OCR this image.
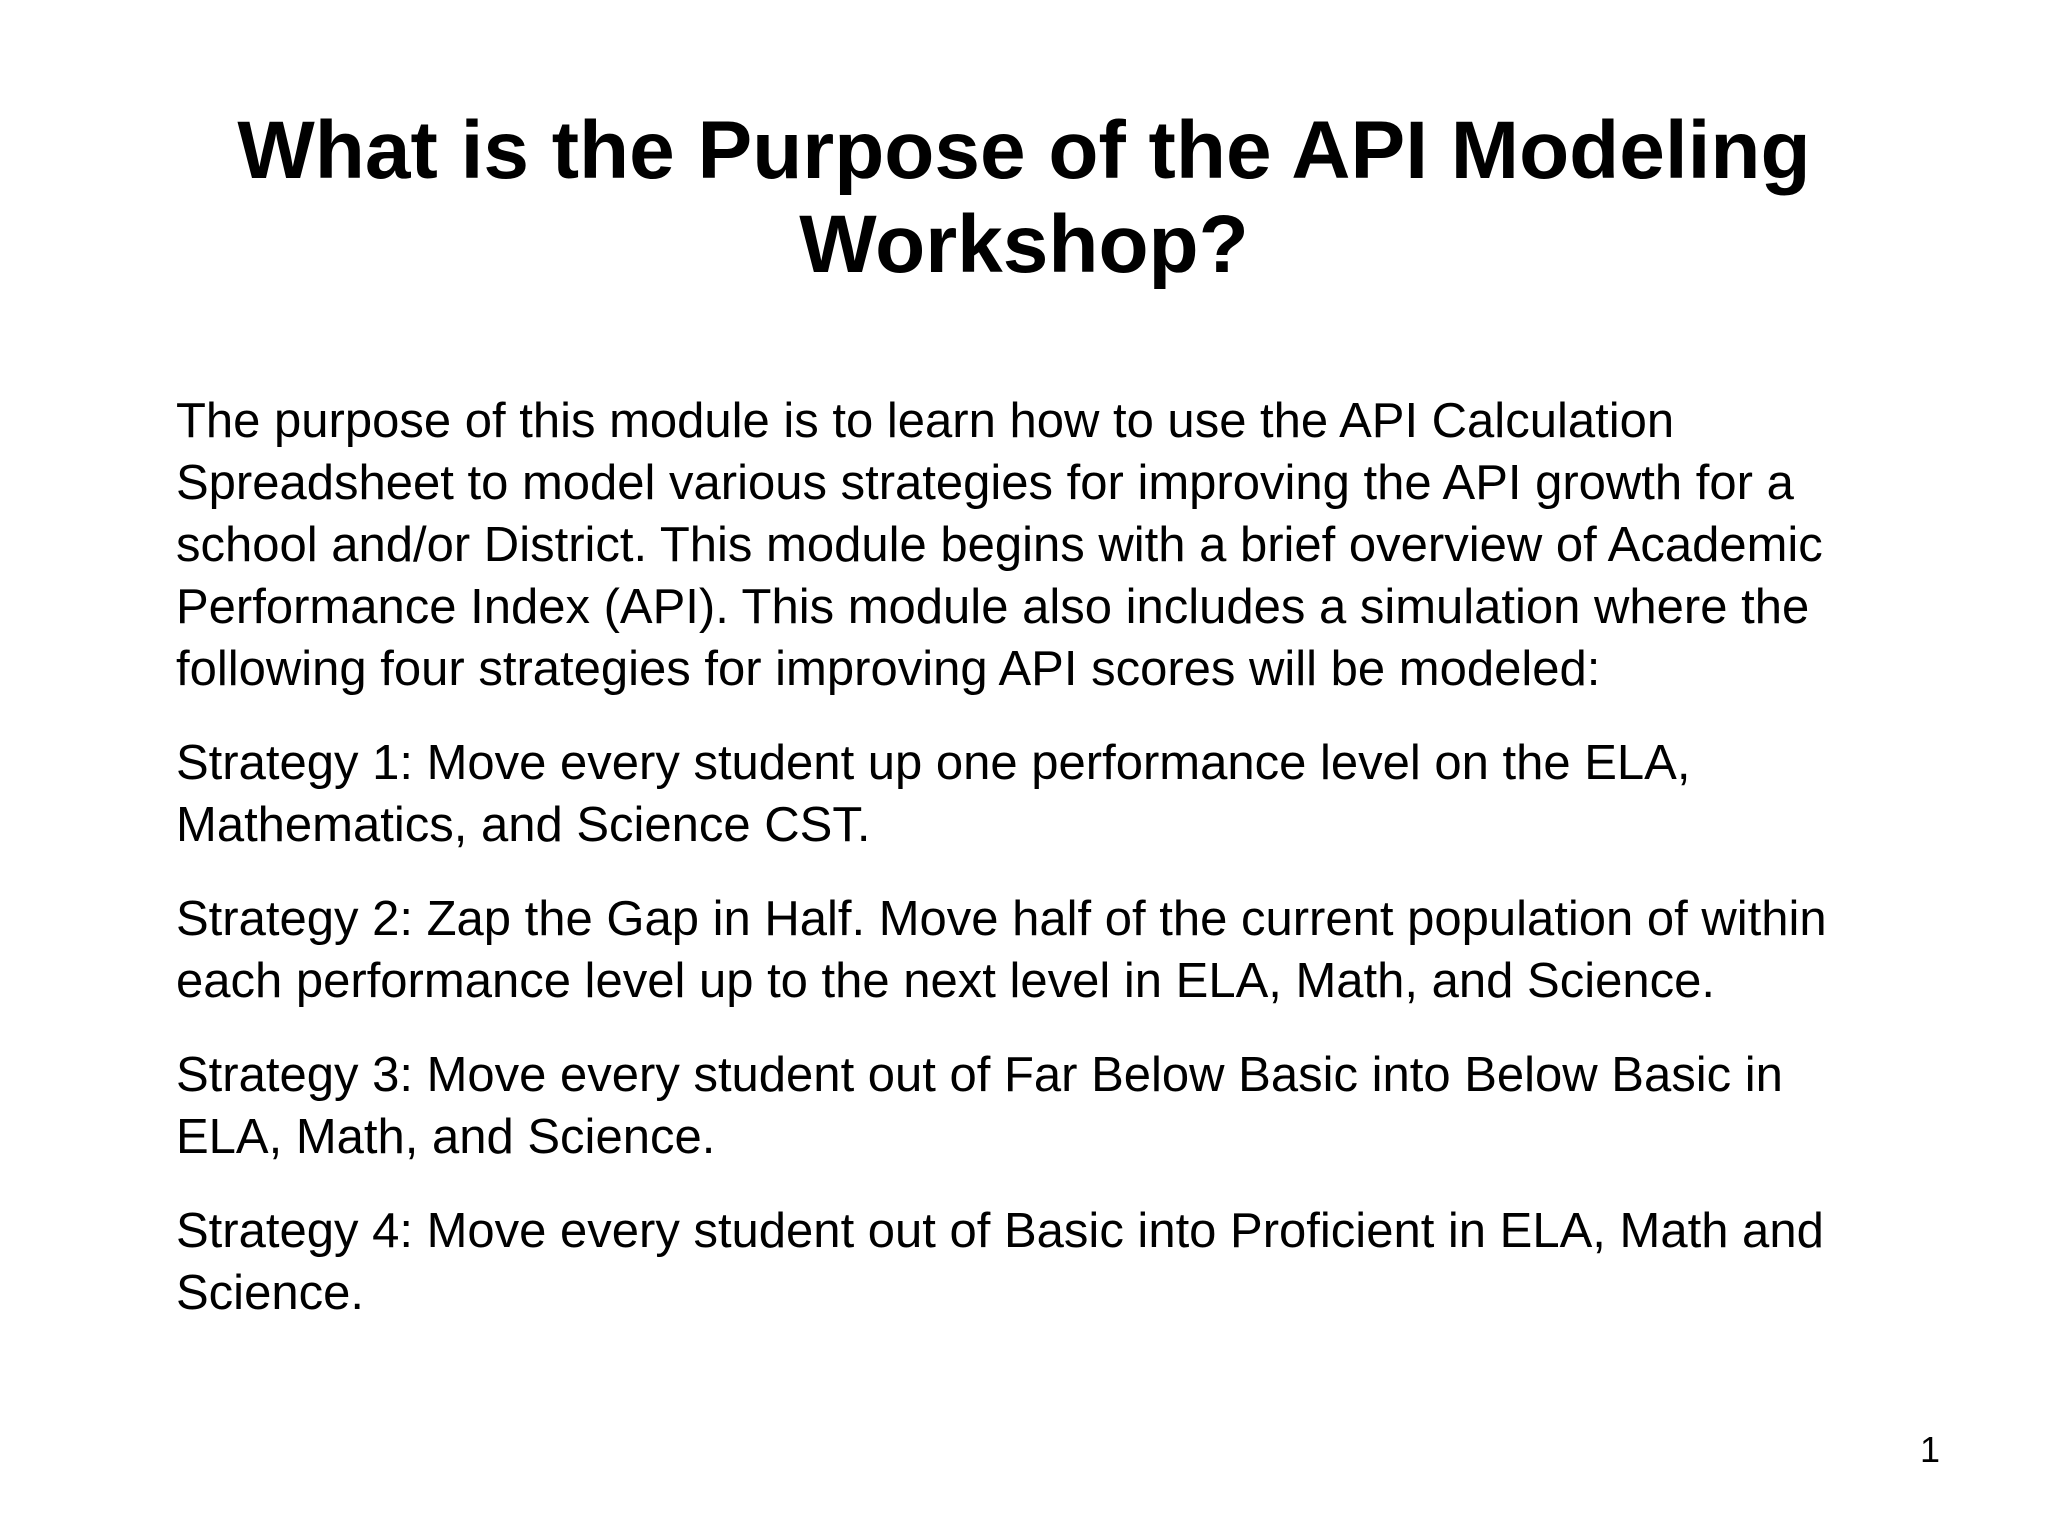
What is the Purpose of the API Modeling
Workshop?

The purpose of this module is to learn how to use the API Calculation
Spreadsheet to model various strategies for improving the API growth for a
school and/or District. This module begins with a brief overview of Academic
Performance Index (API). This module also includes a simulation where the
following four strategies for improving API scores will be modeled:

Strategy 1: Move every student up one performance level on the ELA,
Mathematics, and Science CST.

Strategy 2: Zap the Gap in Half. Move half of the current population of within
each performance level up to the next level in ELA, Math, and Science.

Strategy 3: Move every student out of Far Below Basic into Below Basic in
ELA, Math, and Science.

Strategy 4: Move every student out of Basic into Proficient in ELA, Math and
Science.

1
